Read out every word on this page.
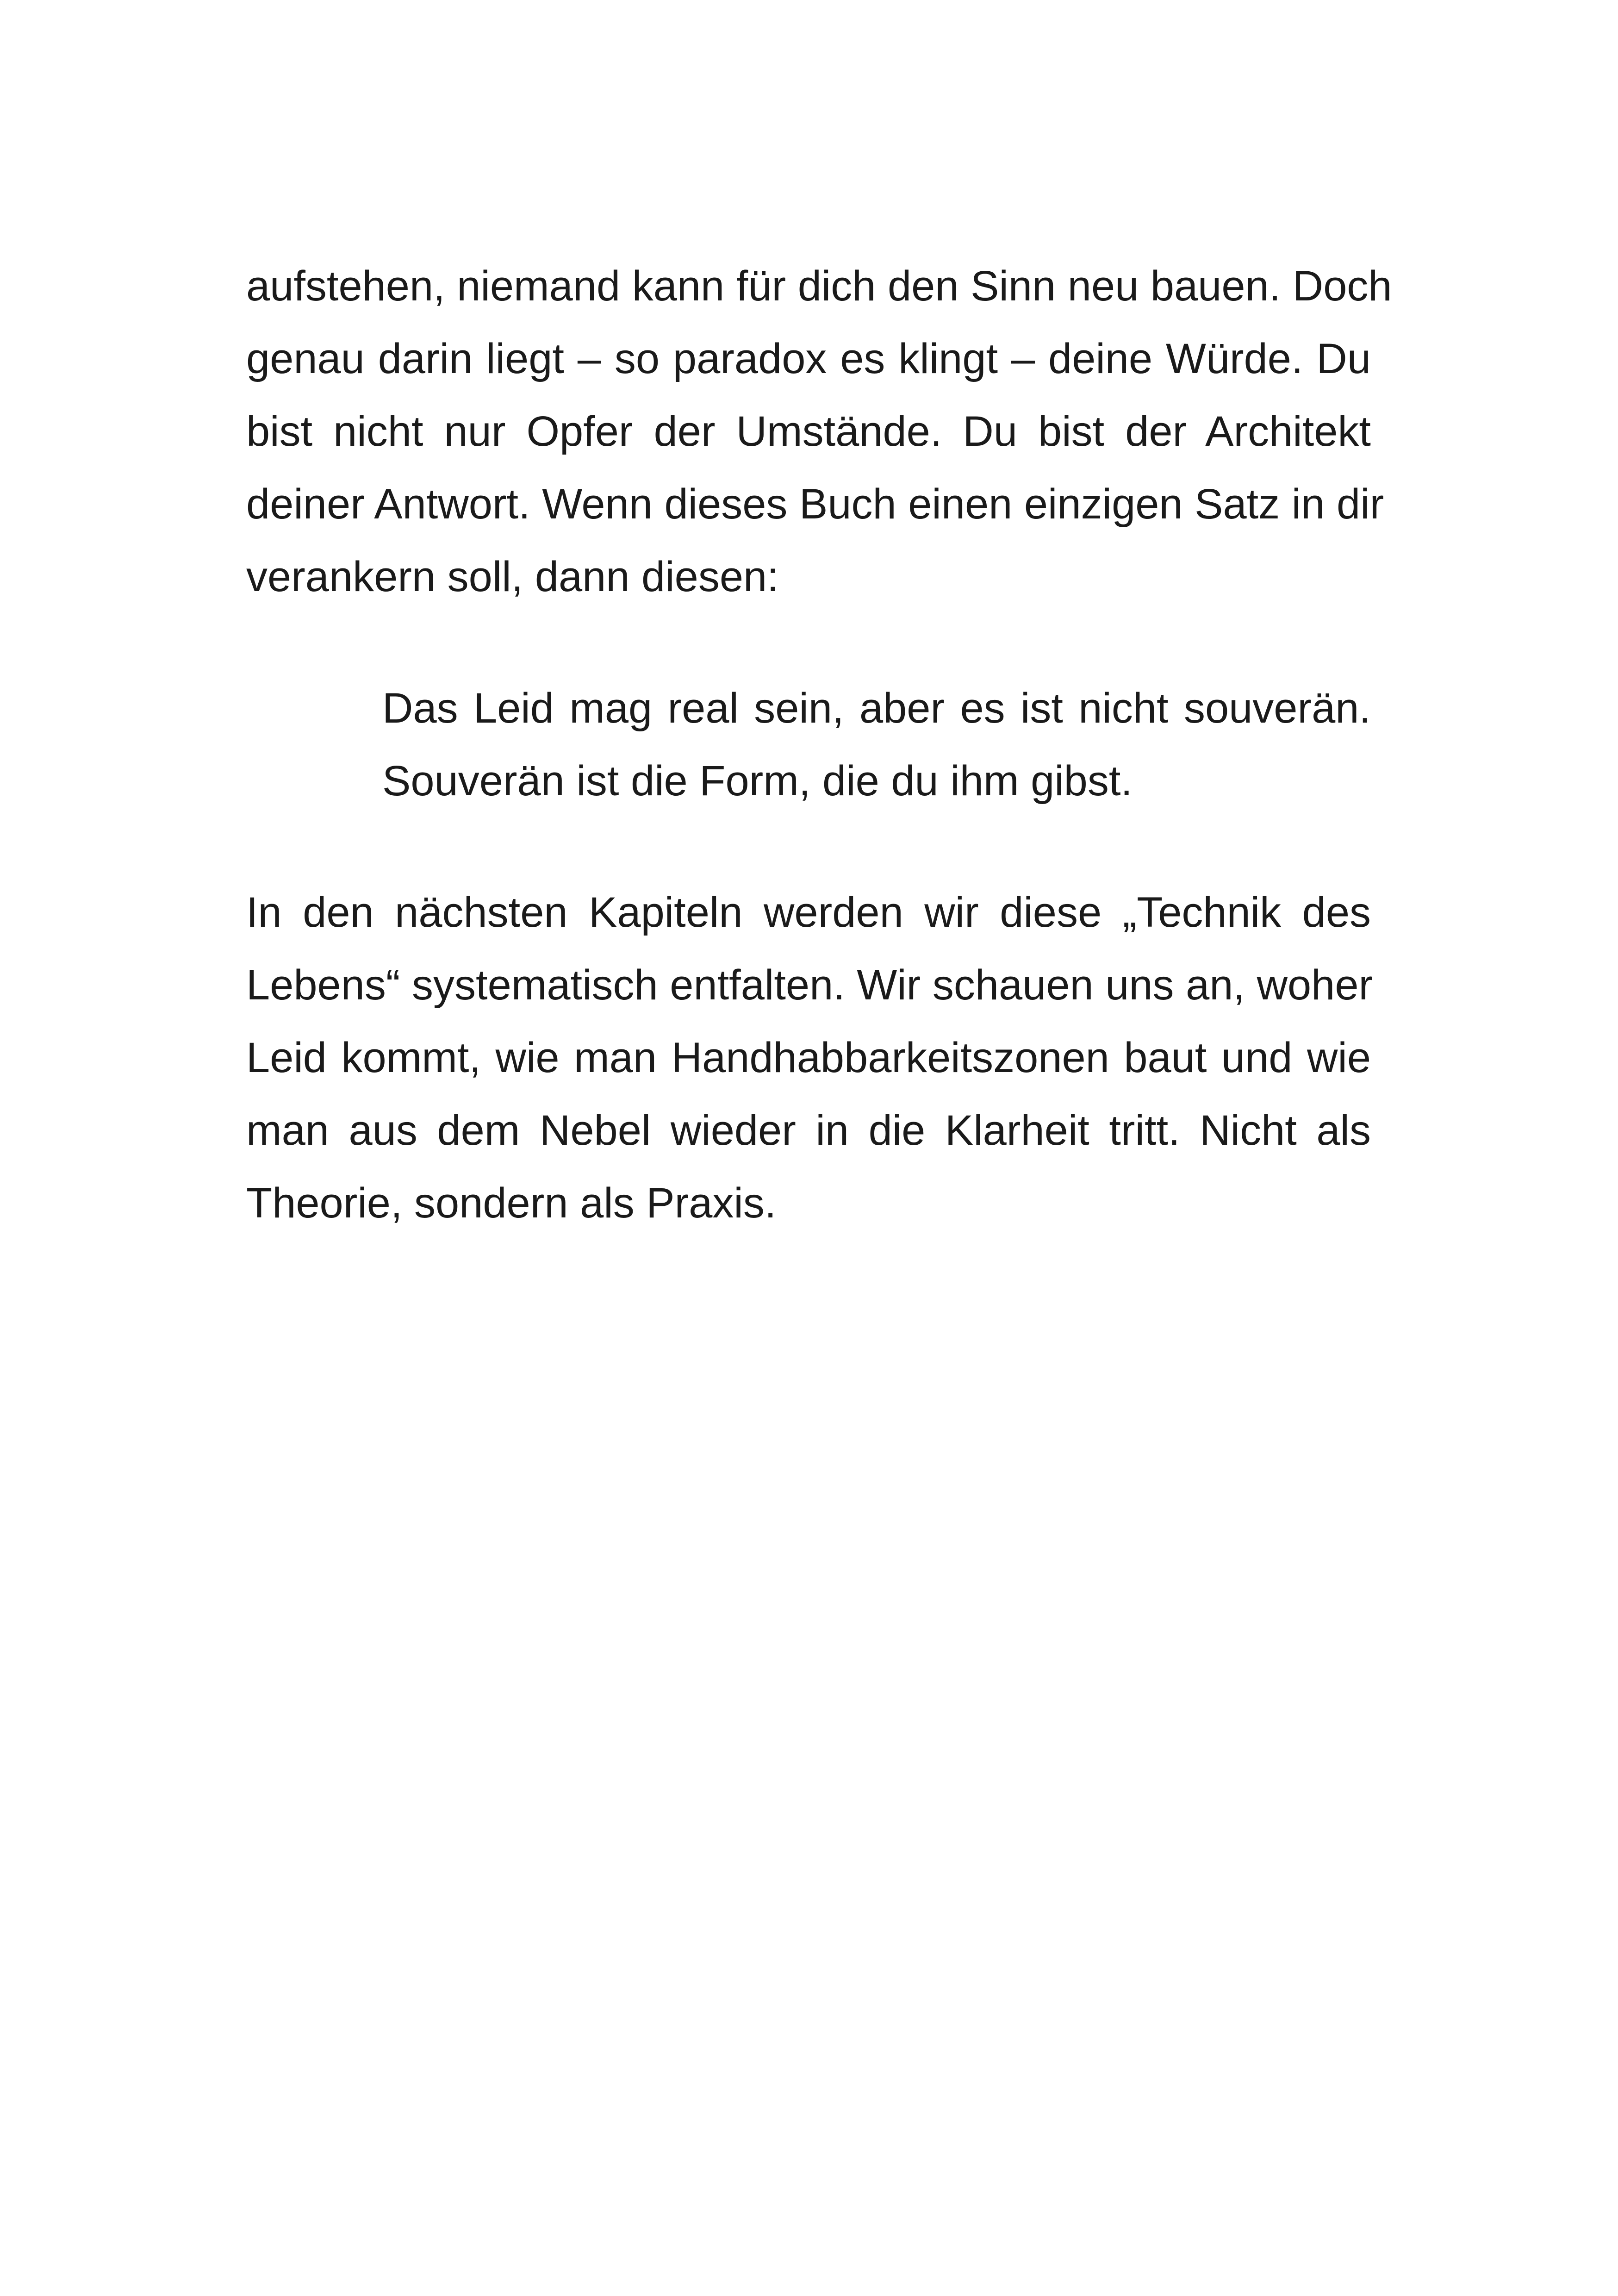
aufstehen, niemand kann für dich den Sinn neu bauen. Doch
genau darin liegt – so paradox es klingt – deine Würde. Du
bist nicht nur Opfer der Umstände. Du bist der Architekt
deiner Antwort. Wenn dieses Buch einen einzigen Satz in dir
verankern soll, dann diesen:
Das Leid mag real sein, aber es ist nicht souverän.
Souverän ist die Form, die du ihm gibst.
In den nächsten Kapiteln werden wir diese „Technik des
Lebens“ systematisch entfalten. Wir schauen uns an, woher
Leid kommt, wie man Handhabbarkeitszonen baut und wie
man aus dem Nebel wieder in die Klarheit tritt. Nicht als
Theorie, sondern als Praxis.
